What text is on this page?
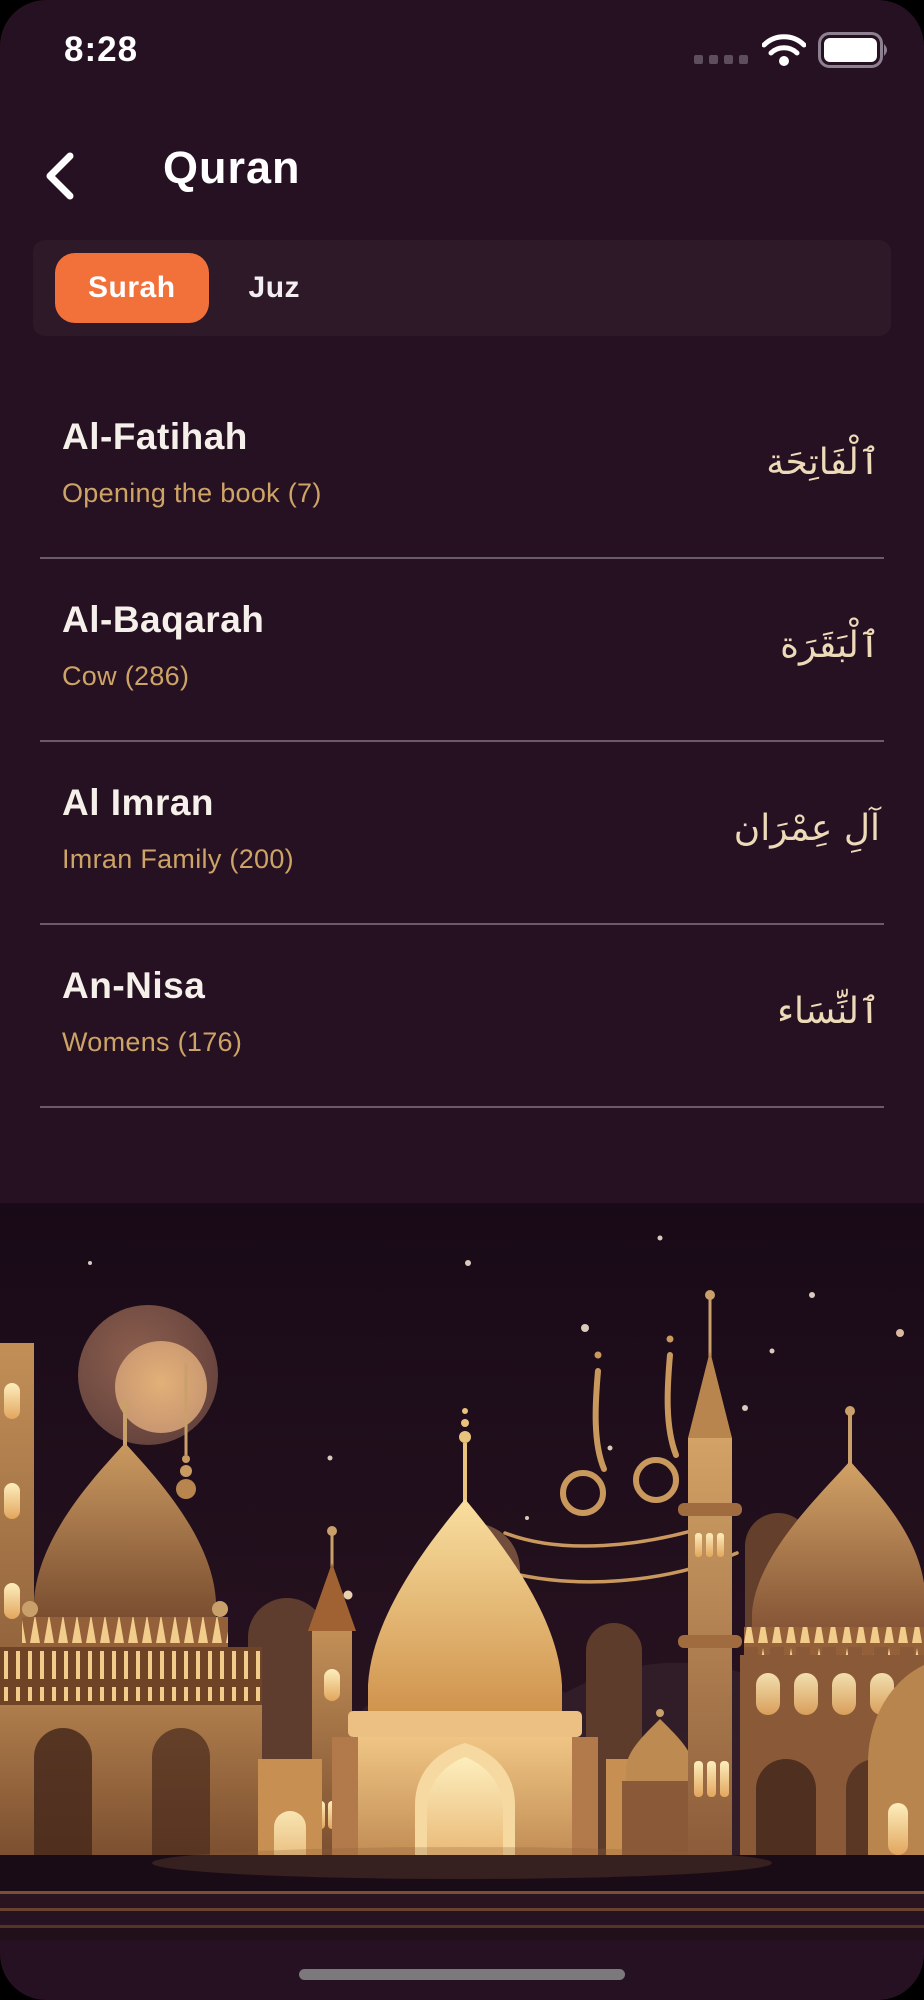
8:28
Quran
Surah	Juz
Al-Fatihah
Opening the book (7)
ٱلْفَاتِحَة
Al-Baqarah
Cow (286)
ٱلْبَقَرَة
Al Imran
Imran Family (200)
آلِ عِمْرَان
An-Nisa
Womens (176)
ٱلنِّسَاء
